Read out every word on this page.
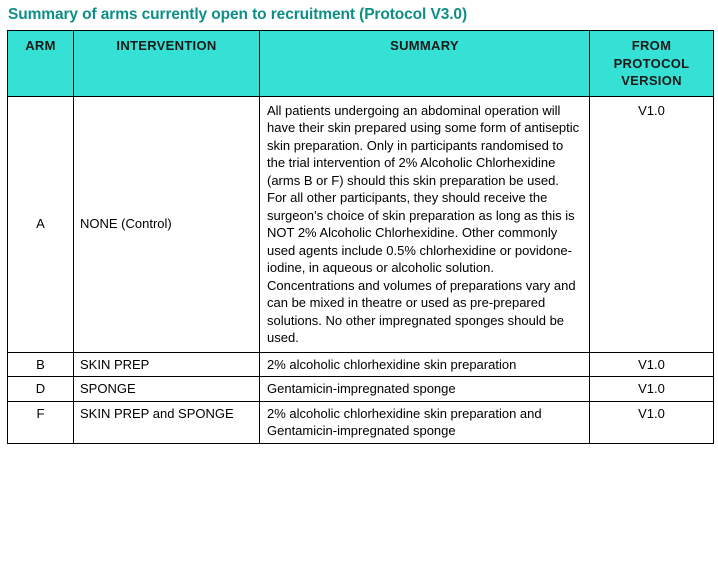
Summary of arms currently open to recruitment (Protocol V3.0)
ARM	INTERVENTION	SUMMARY	FROM
PROTOCOL
VERSION

A	NONE (Control)	All patients undergoing an abdominal operation will have their skin prepared using some form of antiseptic skin preparation. Only in participants randomised to the trial intervention of 2% Alcoholic Chlorhexidine (arms B or F) should this skin preparation be used. For all other participants, they should receive the surgeon’s choice of skin preparation as long as this is NOT 2% Alcoholic Chlorhexidine. Other commonly used agents include 0.5% chlorhexidine or povidone-iodine, in aqueous or alcoholic solution. Concentrations and volumes of preparations vary and can be mixed in theatre or used as pre-prepared solutions. No other impregnated sponges should be used.	V1.0
B	SKIN PREP	2% alcoholic chlorhexidine skin preparation	V1.0
D	SPONGE	Gentamicin-impregnated sponge	V1.0
F	SKIN PREP and SPONGE	2% alcoholic chlorhexidine skin preparation and Gentamicin-impregnated sponge	V1.0
